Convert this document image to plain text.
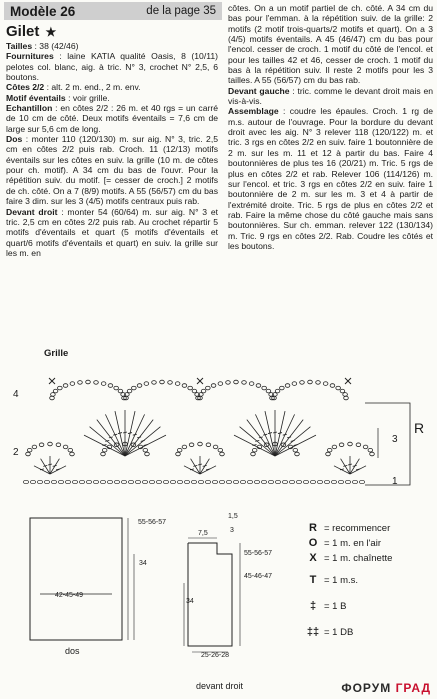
Modèle 26	de la page 35
Gilet ★

Tailles : 38 (42/46)

Fournitures : laine KATIA qualité Oasis, 8 (10/11) pelotes col. blanc, aig. à tric. N° 3, crochet N° 2,5, 6 boutons.

Côtes 2/2 : alt. 2 m. end., 2 m. env.

Motif éventails : voir grille.

Echantillon : en côtes 2/2 : 26 m. et 40 rgs = un carré de 10 cm de côté. Deux motifs éventails = 7,6 cm de large sur 5,6 cm de long.

Dos : monter 110 (120/130) m. sur aig. N° 3, tric. 2,5 cm en côtes 2/2 puis rab. Croch. 11 (12/13) motifs éventails sur les côtes en suiv. la grille (10 m. de côtes pour ch. motif). A 34 cm du bas de l'ouvr. Pour la répétition suiv. du motif. [= cesser de croch.] 2 motifs de ch. côté. On a 7 (8/9) motifs. A 55 (56/57) cm du bas faire 3 dim. sur les 3 (4/5) motifs centraux puis rab.

Devant droit : monter 54 (60/64) m. sur aig. N° 3 et tric. 2,5 cm en côtes 2/2 puis rab. Au crochet répartir 5 motifs d'éventails et quart (5 motifs d'éventails et quart/6 motifs d'éventails et quart) en suiv. la grille sur les m. en

côtes. On a un motif partiel de ch. côté. A 34 cm du bas pour l'emman. à la répétition suiv. de la grille: 2 motifs (2 motif trois-quarts/2 motifs et quart). On a 3 (4/5) motifs éventails. A 45 (46/47) cm du bas pour l'encol. cesser de croch. 1 motif du côté de l'encol. et pour les tailles 42 et 46, cesser de croch. 1 motif du bas à la répétition suiv. Il reste 2 motifs pour les 3 tailles. A 55 (56/57) cm du bas rab.

Devant gauche : tric. comme le devant droit mais en vis-à-vis.

Assemblage : coudre les épaules. Croch. 1 rg de m.s. autour de l'ouvrage. Pour la bordure du devant droit avec les aig. N° 3 relever 118 (120/122) m. et tric. 3 rgs en côtes 2/2 en suiv. faire 1 boutonnière de 2 m. sur les m. 11 et 12 à partir du bas. Faire 4 boutonnières de plus tes 16 (20/21) m. Tric. 5 rgs de plus en côtes 2/2 et rab. Relever 106 (114/126) m. sur l'encol. et tric. 3 rgs en côtes 2/2 en suiv. faire 1 boutonnière de 2 m. sur les m. 3 et 4 à partir de l'extrémité droite. Tric. 5 rgs de plus en côtes 2/2 et rab. Faire la même chose du côté gauche mais sans boutonnières. Sur ch. emman. relever 122 (130/134) m. Tric. 9 rgs en côtes 2/2. Rab. Coudre les côtés et les boutons.

Grille
4
2
3
1
R
55-56-57
34
42-45-49
dos
7,5
1,5
3
55-56-57
45-46-47
34
25-26-28
devant droit
R = recommencer
O = 1 m. en l'air
X = 1 m. chaînette
T = 1 m.s.
‡ = 1 B
‡‡ = 1 DB
ФОРУМ ГРАД
